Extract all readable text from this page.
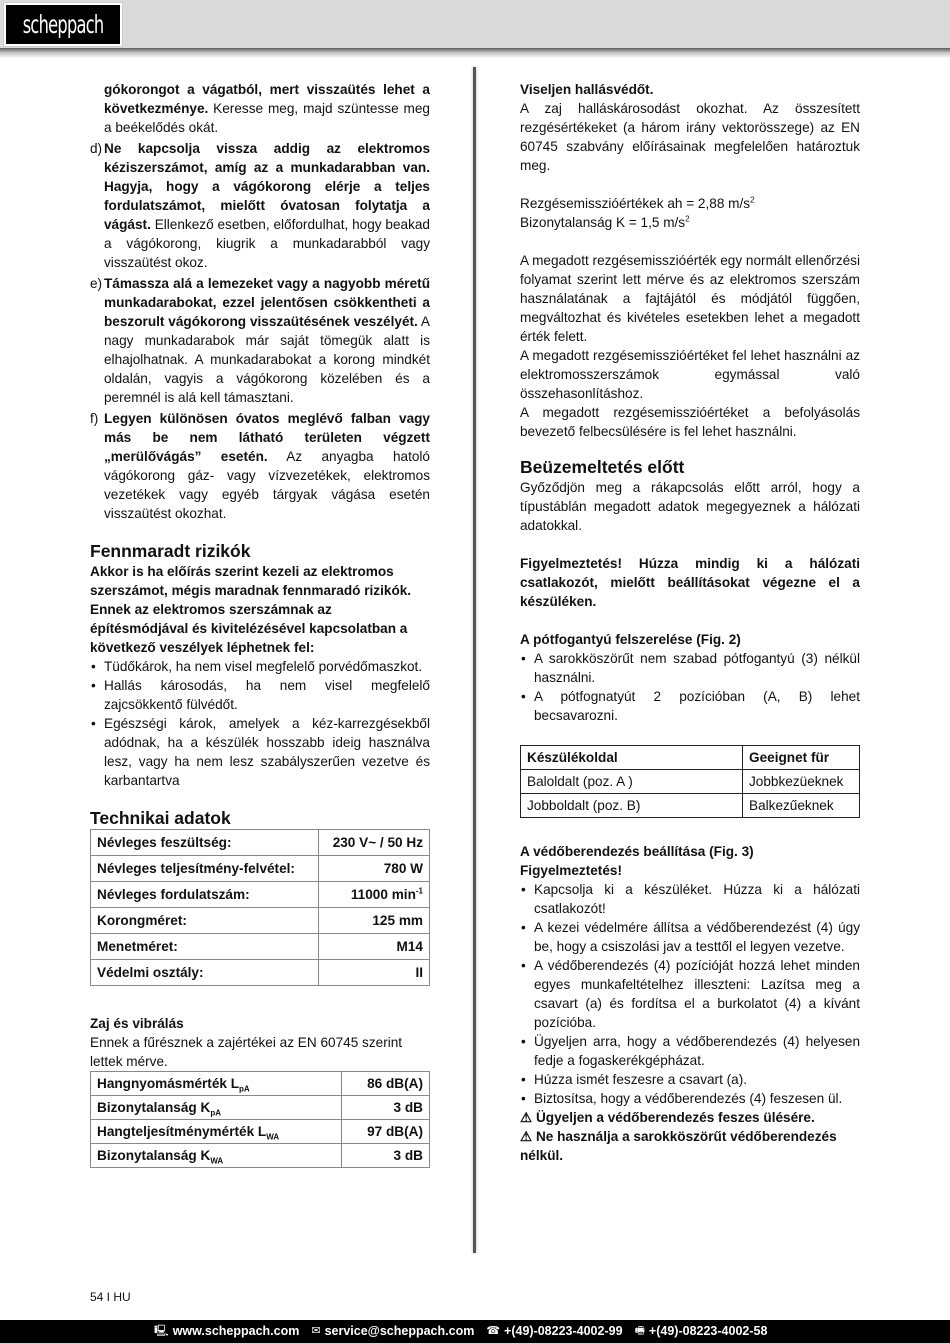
scheppach
gókorongot a vágatból, mert visszaütés lehet a következménye. Keresse meg, majd szüntesse meg a beékelődés okát.
d) Ne kapcsolja vissza addig az elektromos kéziszerszámot, amíg az a munkadarabban van. Hagyja, hogy a vágókorong elérje a teljes fordulatszámot, mielőtt óvatosan folytatja a vágást. Ellenkező esetben, előfordulhat, hogy beakad a vágókorong, kiugrik a munkadarabból vagy visszaütést okoz.
e) Támassza alá a lemezeket vagy a nagyobb méretű munkadarabokat, ezzel jelentősen csökkentheti a beszorult vágókorong visszaütésének veszélyét. A nagy munkadarabok már saját tömegük alatt is elhajolhatnak. A munkadarabokat a korong mindkét oldalán, vagyis a vágókorong közelében és a peremnél is alá kell támasztani.
f) Legyen különösen óvatos meglévő falban vagy más be nem látható területen végzett „merülővágás” esetén. Az anyagba hatoló vágókorong gáz- vagy vízvezetékek, elektromos vezetékek vagy egyéb tárgyak vágása esetén visszaütést okozhat.
Fennmaradt rizikók
Akkor is ha előírás szerint kezeli az elektromos szerszámot, mégis maradnak fennmaradó rizikók. Ennek az elektromos szerszámnak az építésmódjával és kivitelézésével kapcsolatban a következő veszélyek léphetnek fel:
• Tüdőkárok, ha nem visel megfelelő porvédőmaszkot.
• Hallás károsodás, ha nem visel megfelelő zajcsökkentő fülvédőt.
• Egészségi károk, amelyek a kéz-karrezgésekből adódnak, ha a készülék hosszabb ideig használva lesz, vagy ha nem lesz szabályszerűen vezetve és karbantartva
Technikai adatok
Névleges feszültség:	230 V~ / 50 Hz
Névleges teljesítmény-felvétel:	780 W
Névleges fordulatszám:	11000 $\min^{-1}$
Korongméret:	125 mm
Menetméret:	M14
Védelmi osztály:	II
Zaj és vibrálás

Ennek a fűrésznek a zajértékei az EN 60745 szerint lettek mérve.

Hangnyomásmérték $L_{pA}$	86 dB(A)
Bizonytalanság $K_{pA}$	3 dB
Hangteljesítménymérték $L_{WA}$	97 dB(A)
Bizonytalanság $K_{WA}$	3 dB
Viseljen hallásvédőt.

A zaj halláskárosodást okozhat. Az összesített rezgésértékeket (a három irány vektorösszege) az EN 60745 szabvány előírásainak megfelelően határoztuk meg.

Rezgésemisszióértékek ah = 2,88 $m/s^2$
Bizonytalanság K = 1,5 $m/s^2$

A megadott rezgésemisszióérték egy normált ellenőrzési folyamat szerint lett mérve és az elektromos szerszám használatának a fajtájától és módjától függően, megváltozhat és kivételes esetekben lehet a megadott érték felett.

A megadott rezgésemisszióértéket fel lehet használni az elektromosszerszámok egymással való összehasonlításhoz.

A megadott rezgésemisszióértéket a befolyásolás bevezető felbecsülésére is fel lehet használni.

Beüzemeltetés előtt

Győződjön meg a rákapcsolás előtt arról, hogy a típustáblán megadott adatok megegyeznek a hálózati adatokkal.

Figyelmeztetés! Húzza mindig ki a hálózati csatlakozót, mielőtt beállításokat végezne el a készüléken.

A pótfogantyú felszerelése (Fig. 2)
• A sarokköszörűt nem szabad pótfogantyú (3) nélkül használni.
• A pótfognatyút 2 pozícióban (A, B) lehet becsavarozni.
Készülékoldal	Geeignet für
Baloldalt (poz. A )	Jobbkezüeknek
Jobboldalt (poz. B)	Balkezűeknek
A védőberendezés beállítása (Fig. 3)
Figyelmeztetés!
• Kapcsolja ki a készüléket. Húzza ki a hálózati csatlakozót!
• A kezei védelmére állítsa a védőberendezést (4) úgy be, hogy a csiszolási jav a testtől el legyen vezetve.
• A védőberendezés (4) pozícióját hozzá lehet minden egyes munkafeltételhez illeszteni: Lazítsa meg a csavart (a) és fordítsa el a burkolatot (4) a kívánt pozícióba.
• Ügyeljen arra, hogy a védőberendezés (4) helyesen fedje a fogaskerékgépházat.
• Húzza ismét feszesre a csavart (a).
• Biztosítsa, hogy a védőberendezés (4) feszesen ül.
⚠ Ügyeljen a védőberendezés feszes ülésére.
⚠ Ne használja a sarokköszörűt védőberendezés nélkül.
54 I HU
🖳 www.scheppach.com ✉ service@scheppach.com ☎ +(49)-08223-4002-99 🖷 +(49)-08223-4002-58
